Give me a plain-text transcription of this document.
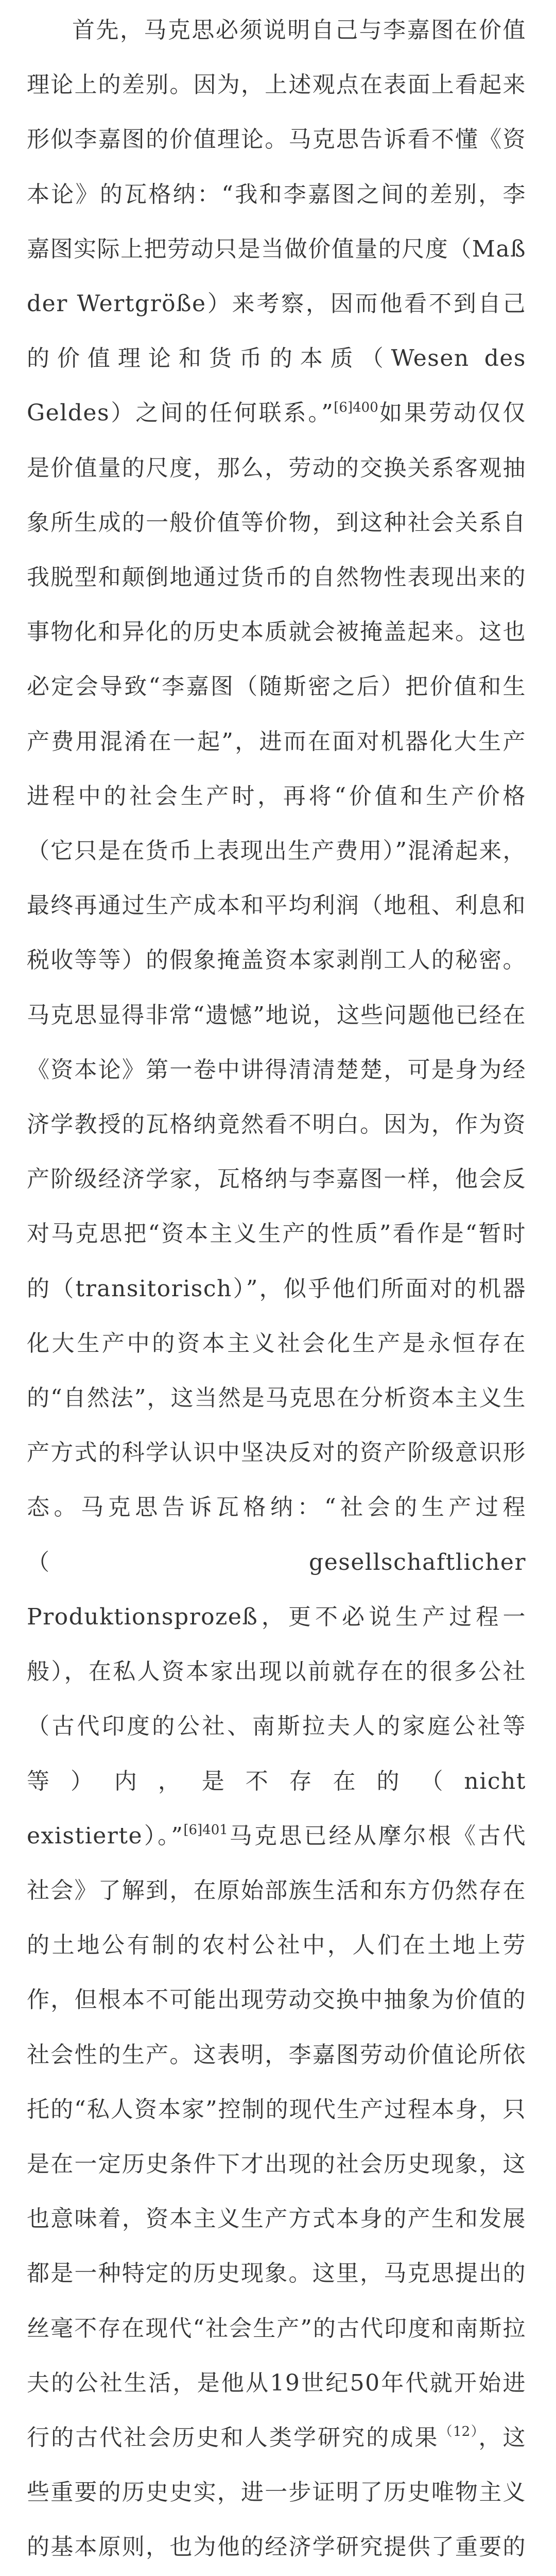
首先，马克思必须说明自己与李嘉图在价值理论上的差别。因为，上述观点在表面上看起来形似李嘉图的价值理论。马克思告诉看不懂《资本论》的瓦格纳：“我和李嘉图之间的差别，李嘉图实际上把劳动只是当做价值量的尺度（Maß der Wertgröße）来考察，因而他看不到自己的价值理论和货币的本质（Wesen des Geldes）之间的任何联系。”$^{[6]400}$如果劳动仅仅是价值量的尺度，那么，劳动的交换关系客观抽象所生成的一般价值等价物，到这种社会关系自我脱型和颠倒地通过货币的自然物性表现出来的事物化和异化的历史本质就会被掩盖起来。这也必定会导致“李嘉图（随斯密之后）把价值和生产费用混淆在一起”，进而在面对机器化大生产进程中的社会生产时，再将“价值和生产价格（它只是在货币上表现出生产费用）”混淆起来，最终再通过生产成本和平均利润（地租、利息和税收等等）的假象掩盖资本家剥削工人的秘密。马克思显得非常“遗憾”地说，这些问题他已经在《资本论》第一卷中讲得清清楚楚，可是身为经济学教授的瓦格纳竟然看不明白。因为，作为资产阶级经济学家，瓦格纳与李嘉图一样，他会反对马克思把“资本主义生产的性质”看作是“暂时的（transitorisch）”，似乎他们所面对的机器化大生产中的资本主义社会化生产是永恒存在的“自然法”，这当然是马克思在分析资本主义生产方式的科学认识中坚决反对的资产阶级意识形态。马克思告诉瓦格纳：“社会的生产过程（gesellschaftlicher Produktionsprozeß，更不必说生产过程一般），在私人资本家出现以前就存在的很多公社（古代印度的公社、南斯拉夫人的家庭公社等等）内，是不存在的（nicht existierte）。”$^{[6]401}$马克思已经从摩尔根《古代社会》了解到，在原始部族生活和东方仍然存在的土地公有制的农村公社中，人们在土地上劳作，但根本不可能出现劳动交换中抽象为价值的社会性的生产。这表明，李嘉图劳动价值论所依托的“私人资本家”控制的现代生产过程本身，只是在一定历史条件下才出现的社会历史现象，这也意味着，资本主义生产方式本身的产生和发展都是一种特定的历史现象。这里，马克思提出的丝毫不存在现代“社会生产”的古代印度和南斯拉夫的公社生活，是他从19世纪50年代就开始进行的古代社会历史和人类学研究的成果$^{(12)}$，这些重要的历史史实，进一步证明了历史唯物主义的基本原则，也为他的经济学研究提供了重要的
